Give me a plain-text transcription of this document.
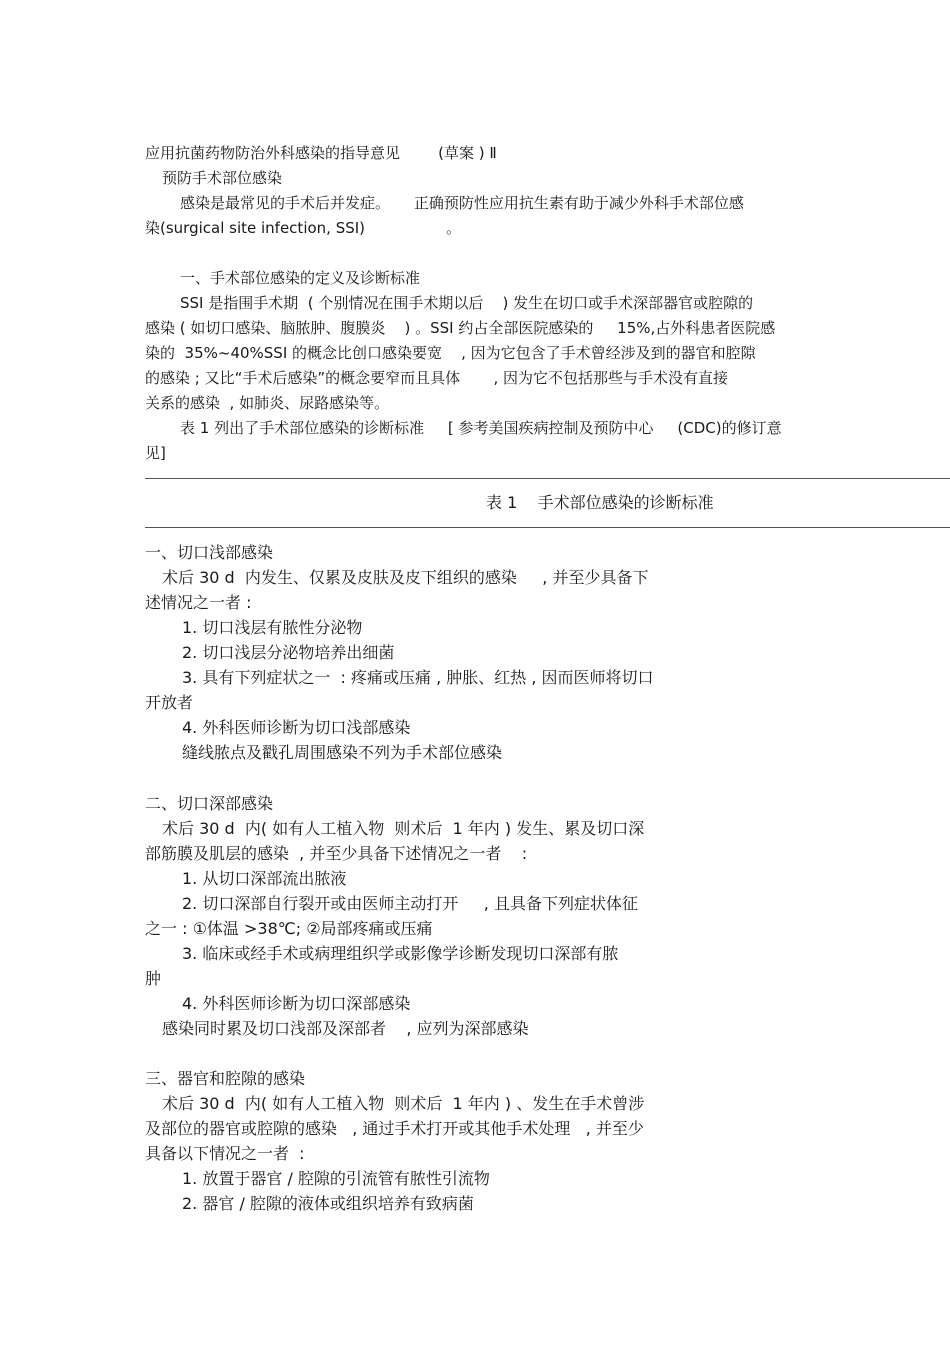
应用抗菌药物防治外科感染的指导意见        (草案 ) Ⅱ
预防手术部位感染
感染是最常见的手术后并发症。     正确预防性应用抗生素有助于减少外科手术部位感
染(surgical site infection, SSI)                 。
一、手术部位感染的定义及诊断标准
SSI 是指围手术期  ( 个别情况在围手术期以后    ) 发生在切口或手术深部器官或腔隙的
感染 ( 如切口感染、脑脓肿、腹膜炎    ) 。SSI 约占全部医院感染的     15%,占外科患者医院感
染的  35%~40%SSI 的概念比创口感染要宽    , 因为它包含了手术曾经涉及到的器官和腔隙
的感染 ; 又比“手术后感染”的概念要窄而且具体       , 因为它不包括那些与手术没有直接
关系的感染  , 如肺炎、尿路感染等。
表 1 列出了手术部位感染的诊断标准     [ 参考美国疾病控制及预防中心     (CDC)的修订意
见]
表 1    手术部位感染的诊断标准
一、切口浅部感染
术后 30 d  内发生、仅累及皮肤及皮下组织的感染     , 并至少具备下
述情况之一者 :
1. 切口浅层有脓性分泌物
2. 切口浅层分泌物培养出细菌
3. 具有下列症状之一  : 疼痛或压痛 , 肿胀、红热 , 因而医师将切口
开放者
4. 外科医师诊断为切口浅部感染
缝线脓点及戳孔周围感染不列为手术部位感染
二、切口深部感染
术后 30 d  内( 如有人工植入物  则术后  1 年内 ) 发生、累及切口深
部筋膜及肌层的感染  , 并至少具备下述情况之一者    :
1. 从切口深部流出脓液
2. 切口深部自行裂开或由医师主动打开     , 且具备下列症状体征
之一 : ①体温 >38℃; ②局部疼痛或压痛
3. 临床或经手术或病理组织学或影像学诊断发现切口深部有脓
肿
4. 外科医师诊断为切口深部感染
感染同时累及切口浅部及深部者    , 应列为深部感染
三、器官和腔隙的感染
术后 30 d  内( 如有人工植入物  则术后  1 年内 ) 、发生在手术曾涉
及部位的器官或腔隙的感染   , 通过手术打开或其他手术处理   , 并至少
具备以下情况之一者  :
1. 放置于器官 / 腔隙的引流管有脓性引流物
2. 器官 / 腔隙的液体或组织培养有致病菌
